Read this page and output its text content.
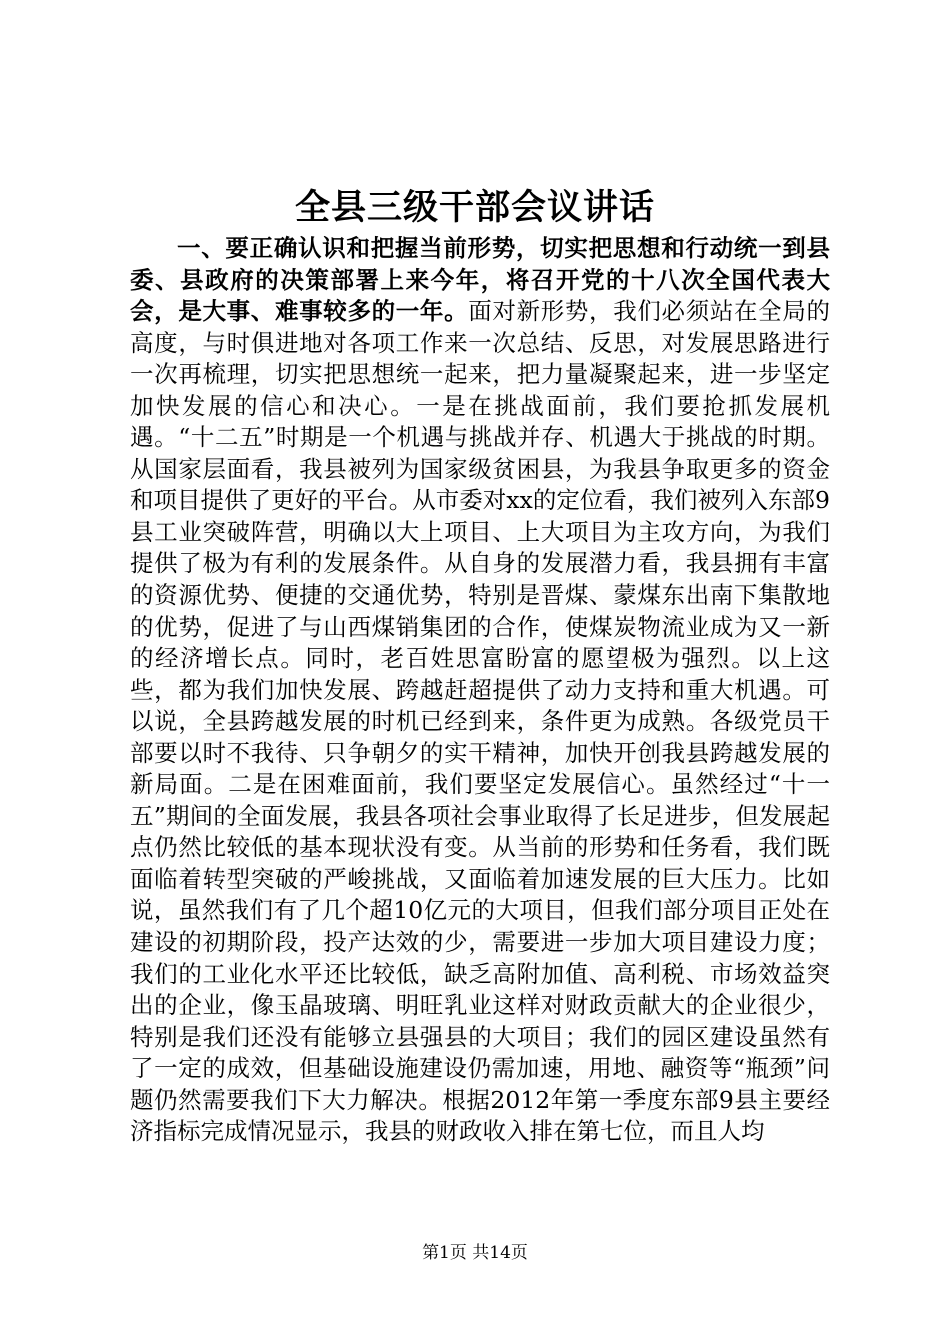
全县三级干部会议讲话

一、要正确认识和把握当前形势，切实把思想和行动统一到县委、县政府的决策部署上来今年，将召开党的十八次全国代表大会，是大事、难事较多的一年。面对新形势，我们必须站在全局的高度，与时俱进地对各项工作来一次总结、反思，对发展思路进行一次再梳理，切实把思想统一起来，把力量凝聚起来，进一步坚定加快发展的信心和决心。一是在挑战面前，我们要抢抓发展机遇。“十二五”时期是一个机遇与挑战并存、机遇大于挑战的时期。从国家层面看，我县被列为国家级贫困县，为我县争取更多的资金和项目提供了更好的平台。从市委对xx的定位看，我们被列入东部9县工业突破阵营，明确以大上项目、上大项目为主攻方向，为我们提供了极为有利的发展条件。从自身的发展潜力看，我县拥有丰富的资源优势、便捷的交通优势，特别是晋煤、蒙煤东出南下集散地的优势，促进了与山西煤销集团的合作，使煤炭物流业成为又一新的经济增长点。同时，老百姓思富盼富的愿望极为强烈。以上这些，都为我们加快发展、跨越赶超提供了动力支持和重大机遇。可以说，全县跨越发展的时机已经到来，条件更为成熟。各级党员干部要以时不我待、只争朝夕的实干精神，加快开创我县跨越发展的新局面。二是在困难面前，我们要坚定发展信心。虽然经过“十一五”期间的全面发展，我县各项社会事业取得了长足进步，但发展起点仍然比较低的基本现状没有变。从当前的形势和任务看，我们既面临着转型突破的严峻挑战，又面临着加速发展的巨大压力。比如说，虽然我们有了几个超10亿元的大项目，但我们部分项目正处在建设的初期阶段，投产达效的少，需要进一步加大项目建设力度；我们的工业化水平还比较低，缺乏高附加值、高利税、市场效益突出的企业，像玉晶玻璃、明旺乳业这样对财政贡献大的企业很少，特别是我们还没有能够立县强县的大项目；我们的园区建设虽然有了一定的成效，但基础设施建设仍需加速，用地、融资等“瓶颈”问题仍然需要我们下大力解决。根据2012年第一季度东部9县主要经济指标完成情况显示，我县的财政收入排在第七位，而且人均

第1页 共14页
